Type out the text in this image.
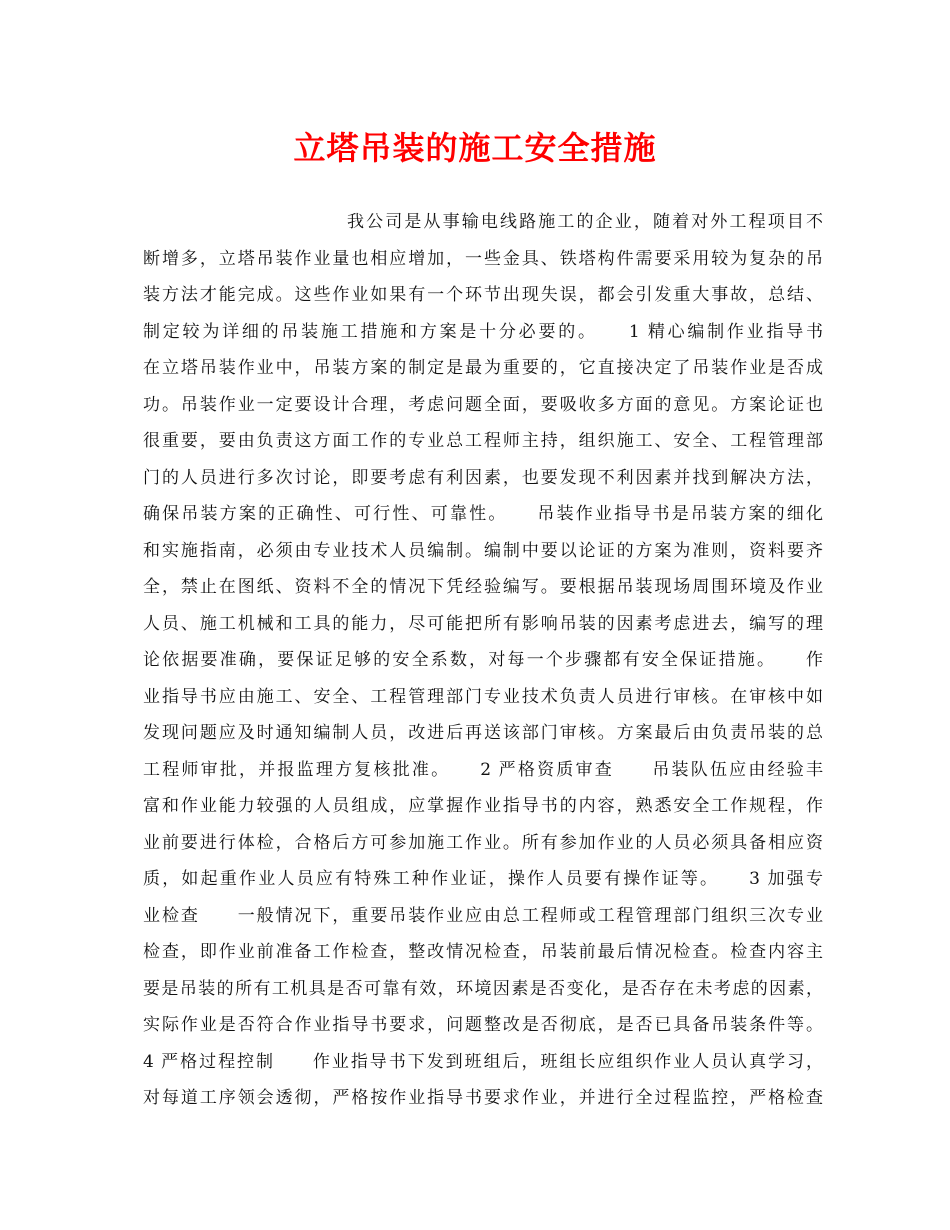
立塔吊装的施工安全措施
我公司是从事输电线路施工的企业，随着对外工程项目不
断增多，立塔吊装作业量也相应增加，一些金具、铁塔构件需要采用较为复杂的吊
装方法才能完成。这些作业如果有一个环节出现失误，都会引发重大事故，总结、
制定较为详细的吊装施工措施和方案是十分必要的。　　1 精心编制作业指导书
在立塔吊装作业中，吊装方案的制定是最为重要的，它直接决定了吊装作业是否成
功。吊装作业一定要设计合理，考虑问题全面，要吸收多方面的意见。方案论证也
很重要，要由负责这方面工作的专业总工程师主持，组织施工、安全、工程管理部
门的人员进行多次讨论，即要考虑有利因素，也要发现不利因素并找到解决方法，
确保吊装方案的正确性、可行性、可靠性。　　吊装作业指导书是吊装方案的细化
和实施指南，必须由专业技术人员编制。编制中要以论证的方案为准则，资料要齐
全，禁止在图纸、资料不全的情况下凭经验编写。要根据吊装现场周围环境及作业
人员、施工机械和工具的能力，尽可能把所有影响吊装的因素考虑进去，编写的理
论依据要准确，要保证足够的安全系数，对每一个步骤都有安全保证措施。　　作
业指导书应由施工、安全、工程管理部门专业技术负责人员进行审核。在审核中如
发现问题应及时通知编制人员，改进后再送该部门审核。方案最后由负责吊装的总
工程师审批，并报监理方复核批准。　　2 严格资质审查　　吊装队伍应由经验丰
富和作业能力较强的人员组成，应掌握作业指导书的内容，熟悉安全工作规程，作
业前要进行体检，合格后方可参加施工作业。所有参加作业的人员必须具备相应资
质，如起重作业人员应有特殊工种作业证，操作人员要有操作证等。　　3 加强专
业检查　　一般情况下，重要吊装作业应由总工程师或工程管理部门组织三次专业
检查，即作业前准备工作检查，整改情况检查，吊装前最后情况检查。检查内容主
要是吊装的所有工机具是否可靠有效，环境因素是否变化，是否存在未考虑的因素，
实际作业是否符合作业指导书要求，问题整改是否彻底，是否已具备吊装条件等。
4 严格过程控制　　作业指导书下发到班组后，班组长应组织作业人员认真学习，
对每道工序领会透彻，严格按作业指导书要求作业，并进行全过程监控，严格检查
